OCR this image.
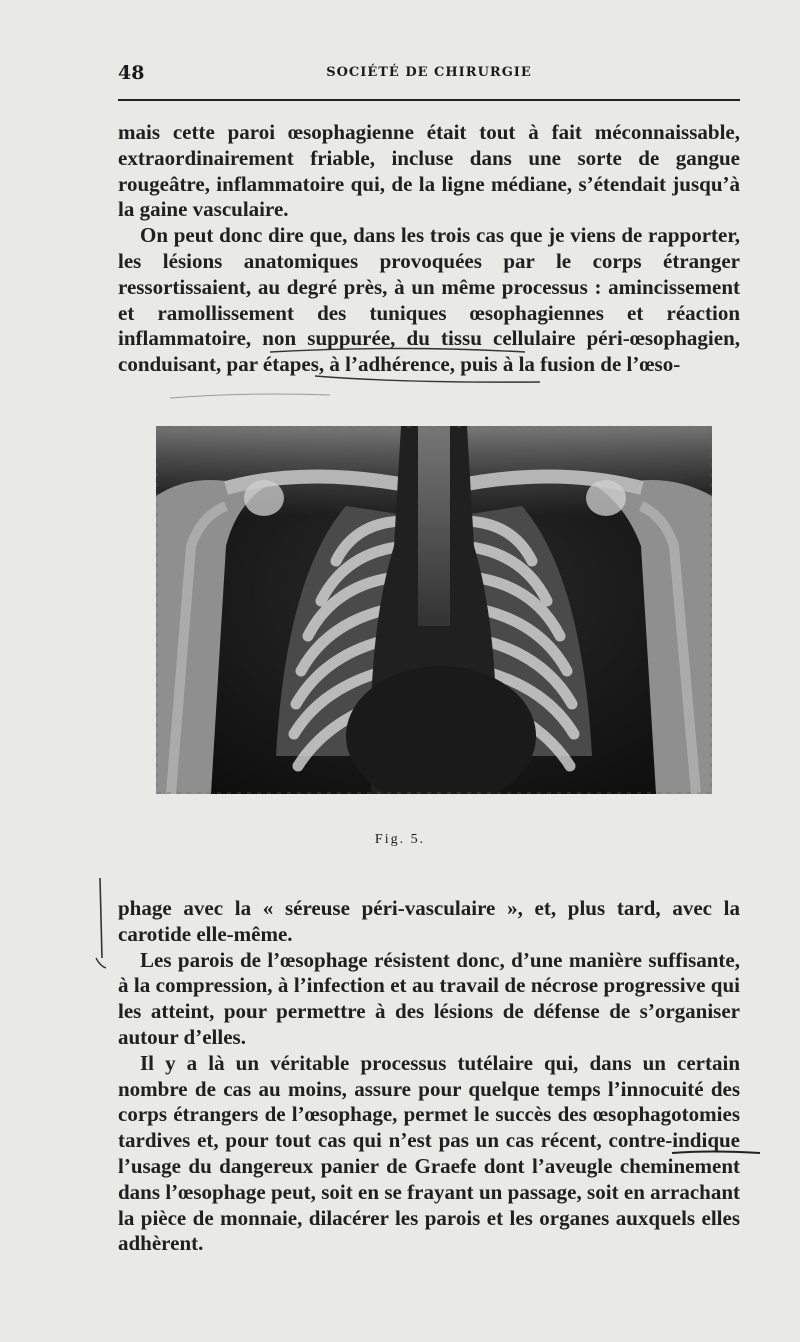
48	SOCIÉTÉ DE CHIRURGIE

mais cette paroi œsophagienne était tout à fait méconnaissable, extraordinairement friable, incluse dans une sorte de gangue rougeâtre, inflammatoire qui, de la ligne médiane, s’étendait jusqu’à la gaine vasculaire.

On peut donc dire que, dans les trois cas que je viens de rapporter, les lésions anatomiques provoquées par le corps étranger ressortissaient, au degré près, à un même processus : amincissement et ramollissement des tuniques œsophagiennes et réaction inflammatoire, non suppurée, du tissu cellulaire péri-œsophagien, conduisant, par étapes, à l’adhérence, puis à la fusion de l’œso-

Fig. 5.

phage avec la « séreuse péri-vasculaire », et, plus tard, avec la carotide elle-même.

Les parois de l’œsophage résistent donc, d’une manière suffisante, à la compression, à l’infection et au travail de nécrose progressive qui les atteint, pour permettre à des lésions de défense de s’organiser autour d’elles.

Il y a là un véritable processus tutélaire qui, dans un certain nombre de cas au moins, assure pour quelque temps l’innocuité des corps étrangers de l’œsophage, permet le succès des œsophagotomies tardives et, pour tout cas qui n’est pas un cas récent, contre-indique l’usage du dangereux panier de Graefe dont l’aveugle cheminement dans l’œsophage peut, soit en se frayant un passage, soit en arrachant la pièce de monnaie, dilacérer les parois et les organes auxquels elles adhèrent.
